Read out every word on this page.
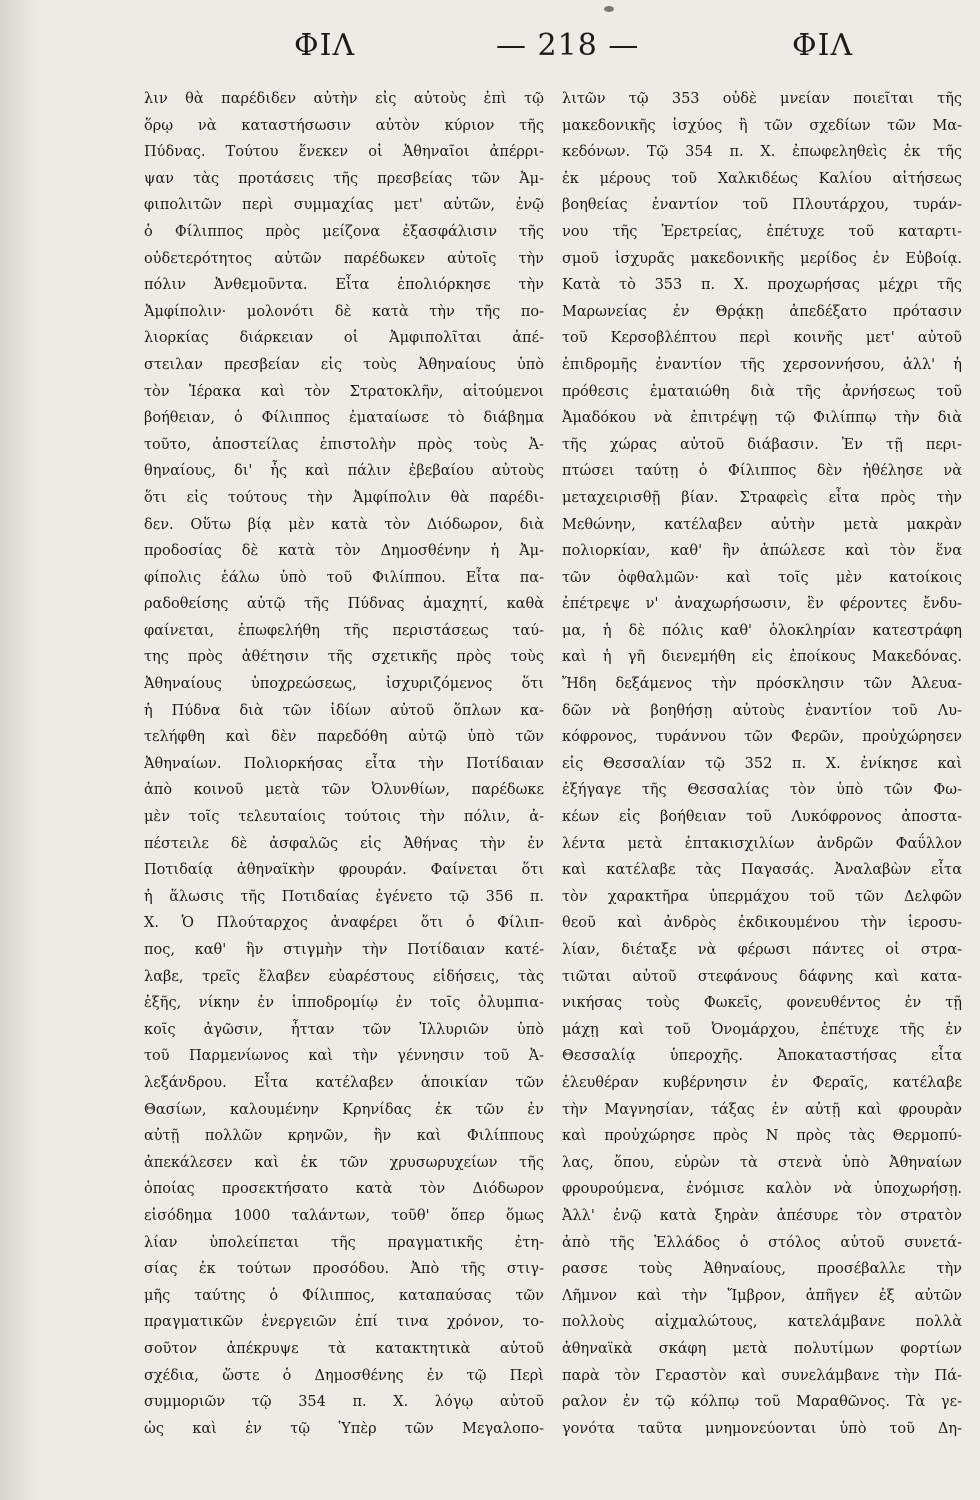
ΦΙΛ	— 218 —	ΦΙΛ
λιν θὰ παρέδιδεν αὐτὴν εἰς αὐτοὺς ἐπὶ τῷ
ὅρῳ νὰ καταστήσωσιν αὐτὸν κύριον τῆς
Πύδνας. Τούτου ἕνεκεν οἱ Ἀθηναῖοι ἀπέρρι-
ψαν τὰς προτάσεις τῆς πρεσβείας τῶν Ἀμ-
φιπολιτῶν περὶ συμμαχίας μετ' αὐτῶν, ἐνῷ
ὁ Φίλιππος πρὸς μείζονα ἐξασφάλισιν τῆς
οὐδετερότητος αὐτῶν παρέδωκεν αὐτοῖς τὴν
πόλιν Ἀνθεμοῦντα. Εἶτα ἐπολιόρκησε τὴν
Ἀμφίπολιν· μολονότι δὲ κατὰ τὴν τῆς πο-
λιορκίας διάρκειαν οἱ Ἀμφιπολῖται ἀπέ-
στειλαν πρεσβείαν εἰς τοὺς Ἀθηναίους ὑπὸ
τὸν Ἱέρακα καὶ τὸν Στρατοκλῆν, αἰτούμενοι
βοήθειαν, ὁ Φίλιππος ἐματαίωσε τὸ διάβημα
τοῦτο, ἀποστείλας ἐπιστολὴν πρὸς τοὺς Ἀ-
θηναίους, δι' ἧς καὶ πάλιν ἐβεβαίου αὐτοὺς
ὅτι εἰς τούτους τὴν Ἀμφίπολιν θὰ παρέδι-
δεν. Οὕτω βίᾳ μὲν κατὰ τὸν Διόδωρον, διὰ
προδοσίας δὲ κατὰ τὸν Δημοσθένην ἡ Ἀμ-
φίπολις ἑάλω ὑπὸ τοῦ Φιλίππου. Εἶτα πα-
ραδοθείσης αὐτῷ τῆς Πύδνας ἀμαχητί, καθὰ
φαίνεται, ἐπωφελήθη τῆς περιστάσεως ταύ-
της πρὸς ἀθέτησιν τῆς σχετικῆς πρὸς τοὺς
Ἀθηναίους ὑποχρεώσεως, ἰσχυριζόμενος ὅτι
ἡ Πύδνα διὰ τῶν ἰδίων αὐτοῦ ὅπλων κα-
τελήφθη καὶ δὲν παρεδόθη αὐτῷ ὑπὸ τῶν
Ἀθηναίων. Πολιορκήσας εἶτα τὴν Ποτίδαιαν
ἀπὸ κοινοῦ μετὰ τῶν Ὀλυνθίων, παρέδωκε
μὲν τοῖς τελευταίοις τούτοις τὴν πόλιν, ἀ-
πέστειλε δὲ ἀσφαλῶς εἰς Ἀθήνας τὴν ἐν
Ποτιδαίᾳ ἀθηναϊκὴν φρουράν. Φαίνεται ὅτι
ἡ ἅλωσις τῆς Ποτιδαίας ἐγένετο τῷ 356 π.
Χ. Ὁ Πλούταρχος ἀναφέρει ὅτι ὁ Φίλιπ-
πος, καθ' ἣν στιγμὴν τὴν Ποτίδαιαν κατέ-
λαβε, τρεῖς ἔλαβεν εὐαρέστους εἰδήσεις, τὰς
ἑξῆς, νίκην ἐν ἱπποδρομίῳ ἐν τοῖς ὀλυμπια-
κοῖς ἀγῶσιν, ἧτταν τῶν Ἰλλυριῶν ὑπὸ
τοῦ Παρμενίωνος καὶ τὴν γέννησιν τοῦ Ἀ-
λεξάνδρου. Εἶτα κατέλαβεν ἀποικίαν τῶν
Θασίων, καλουμένην Κρηνίδας ἐκ τῶν ἐν
αὐτῇ πολλῶν κρηνῶν, ἣν καὶ Φιλίππους
ἀπεκάλεσεν καὶ ἐκ τῶν χρυσωρυχείων τῆς
ὁποίας προσεκτήσατο κατὰ τὸν Διόδωρον
εἰσόδημα 1000 ταλάντων, τοῦθ' ὅπερ ὅμως
λίαν ὑπολείπεται τῆς πραγματικῆς ἐτη-
σίας ἐκ τούτων προσόδου. Ἀπὸ τῆς στιγ-
μῆς ταύτης ὁ Φίλιππος, καταπαύσας τῶν
πραγματικῶν ἐνεργειῶν ἐπί τινα χρόνον, το-
σοῦτον ἀπέκρυψε τὰ κατακτητικὰ αὐτοῦ
σχέδια, ὥστε ὁ Δημοσθένης ἐν τῷ Περὶ
συμμοριῶν τῷ 354 π. Χ. λόγῳ αὐτοῦ
ὡς καὶ ἐν τῷ Ὑπὲρ τῶν Μεγαλοπο-
λιτῶν τῷ 353 οὐδὲ μνείαν ποιεῖται τῆς
μακεδονικῆς ἰσχύος ἢ τῶν σχεδίων τῶν Μα-
κεδόνων. Τῷ 354 π. Χ. ἐπωφεληθεὶς ἐκ τῆς
ἐκ μέρους τοῦ Χαλκιδέως Καλίου αἰτήσεως
βοηθείας ἐναντίον τοῦ Πλουτάρχου, τυράν-
νου τῆς Ἐρετρείας, ἐπέτυχε τοῦ καταρτι-
σμοῦ ἰσχυρᾶς μακεδονικῆς μερίδος ἐν Εὐβοίᾳ.
Κατὰ τὸ 353 π. Χ. προχωρήσας μέχρι τῆς
Μαρωνείας ἐν Θρᾴκῃ ἀπεδέξατο πρότασιν
τοῦ Κερσοβλέπτου περὶ κοινῆς μετ' αὐτοῦ
ἐπιδρομῆς ἐναντίον τῆς χερσοννήσου, ἀλλ' ἡ
πρόθεσις ἐματαιώθη διὰ τῆς ἀρνήσεως τοῦ
Ἀμαδόκου νὰ ἐπιτρέψῃ τῷ Φιλίππῳ τὴν διὰ
τῆς χώρας αὐτοῦ διάβασιν. Ἐν τῇ περι-
πτώσει ταύτῃ ὁ Φίλιππος δὲν ἠθέλησε νὰ
μεταχειρισθῇ βίαν. Στραφεὶς εἶτα πρὸς τὴν
Μεθώνην, κατέλαβεν αὐτὴν μετὰ μακρὰν
πολιορκίαν, καθ' ἣν ἀπώλεσε καὶ τὸν ἕνα
τῶν ὀφθαλμῶν· καὶ τοῖς μὲν κατοίκοις
ἐπέτρεψε ν' ἀναχωρήσωσιν, ἓν φέροντες ἔνδυ-
μα, ἡ δὲ πόλις καθ' ὁλοκληρίαν κατεστράφη
καὶ ἡ γῆ διενεμήθη εἰς ἐποίκους Μακεδόνας.
Ἤδη δεξάμενος τὴν πρόσκλησιν τῶν Ἀλευα-
δῶν νὰ βοηθήσῃ αὐτοὺς ἐναντίον τοῦ Λυ-
κόφρονος, τυράννου τῶν Φερῶν, προὐχώρησεν
εἰς Θεσσαλίαν τῷ 352 π. Χ. ἐνίκησε καὶ
ἐξήγαγε τῆς Θεσσαλίας τὸν ὑπὸ τῶν Φω-
κέων εἰς βοήθειαν τοῦ Λυκόφρονος ἀποστα-
λέντα μετὰ ἑπτακισχιλίων ἀνδρῶν Φαΰλλον
καὶ κατέλαβε τὰς Παγασάς. Ἀναλαβὼν εἶτα
τὸν χαρακτῆρα ὑπερμάχου τοῦ τῶν Δελφῶν
θεοῦ καὶ ἀνδρὸς ἐκδικουμένου τὴν ἱεροσυ-
λίαν, διέταξε νὰ φέρωσι πάντες οἱ στρα-
τιῶται αὐτοῦ στεφάνους δάφνης καὶ κατα-
νικήσας τοὺς Φωκεῖς, φονευθέντος ἐν τῇ
μάχῃ καὶ τοῦ Ὀνομάρχου, ἐπέτυχε τῆς ἐν
Θεσσαλίᾳ ὑπεροχῆς. Ἀποκαταστήσας εἶτα
ἐλευθέραν κυβέρνησιν ἐν Φεραῖς, κατέλαβε
τὴν Μαγνησίαν, τάξας ἐν αὐτῇ καὶ φρουρὰν
καὶ προὐχώρησε πρὸς Ν πρὸς τὰς Θερμοπύ-
λας, ὅπου, εὑρὼν τὰ στενὰ ὑπὸ Ἀθηναίων
φρουρούμενα, ἐνόμισε καλὸν νὰ ὑποχωρήσῃ.
Ἀλλ' ἐνῷ κατὰ ξηρὰν ἀπέσυρε τὸν στρατὸν
ἀπὸ τῆς Ἑλλάδος ὁ στόλος αὐτοῦ συνετά-
ρασσε τοὺς Ἀθηναίους, προσέβαλλε τὴν
Λῆμνον καὶ τὴν Ἴμβρον, ἀπῆγεν ἐξ αὐτῶν
πολλοὺς αἰχμαλώτους, κατελάμβανε πολλὰ
ἀθηναϊκὰ σκάφη μετὰ πολυτίμων φορτίων
παρὰ τὸν Γεραστὸν καὶ συνελάμβανε τὴν Πά-
ραλον ἐν τῷ κόλπῳ τοῦ Μαραθῶνος. Τὰ γε-
γονότα ταῦτα μνημονεύονται ὑπὸ τοῦ Δη-
